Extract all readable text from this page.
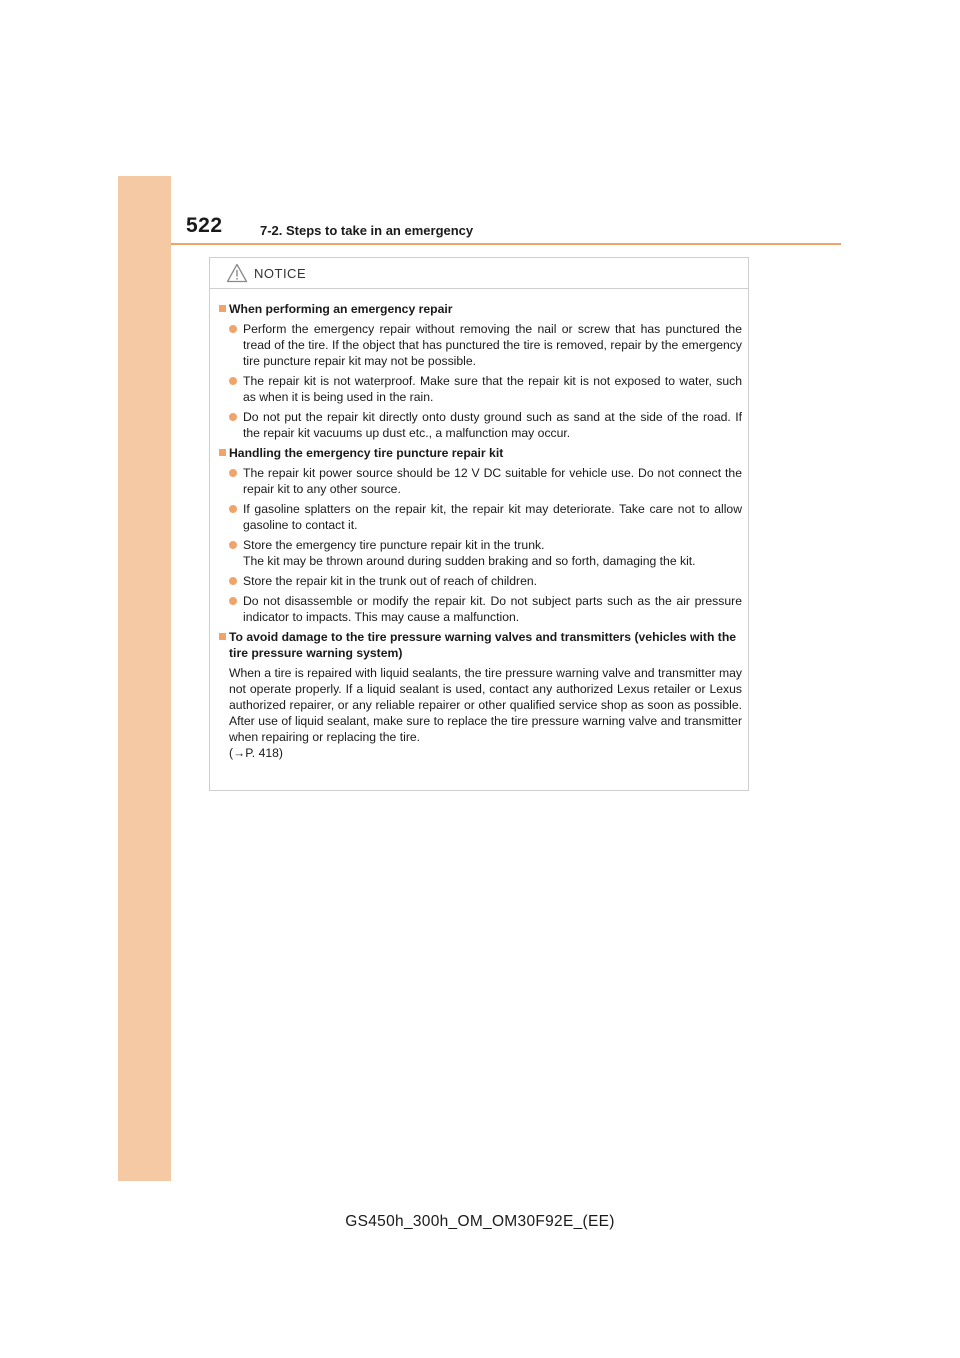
522	7-2. Steps to take in an emergency
NOTICE
When performing an emergency repair
Perform the emergency repair without removing the nail or screw that has punctured the tread of the tire. If the object that has punctured the tire is removed, repair by the emergency tire puncture repair kit may not be possible.
The repair kit is not waterproof. Make sure that the repair kit is not exposed to water, such as when it is being used in the rain.
Do not put the repair kit directly onto dusty ground such as sand at the side of the road. If the repair kit vacuums up dust etc., a malfunction may occur.
Handling the emergency tire puncture repair kit
The repair kit power source should be 12 V DC suitable for vehicle use. Do not connect the repair kit to any other source.
If gasoline splatters on the repair kit, the repair kit may deteriorate. Take care not to allow gasoline to contact it.
Store the emergency tire puncture repair kit in the trunk.
The kit may be thrown around during sudden braking and so forth, damaging the kit.
Store the repair kit in the trunk out of reach of children.
Do not disassemble or modify the repair kit. Do not subject parts such as the air pressure indicator to impacts. This may cause a malfunction.
To avoid damage to the tire pressure warning valves and transmitters (vehicles with the tire pressure warning system)
When a tire is repaired with liquid sealants, the tire pressure warning valve and transmitter may not operate properly. If a liquid sealant is used, contact any authorized Lexus retailer or Lexus authorized repairer, or any reliable repairer or other qualified service shop as soon as possible. After use of liquid sealant, make sure to replace the tire pressure warning valve and transmitter when repairing or replacing the tire.
(→P. 418)
GS450h_300h_OM_OM30F92E_(EE)
